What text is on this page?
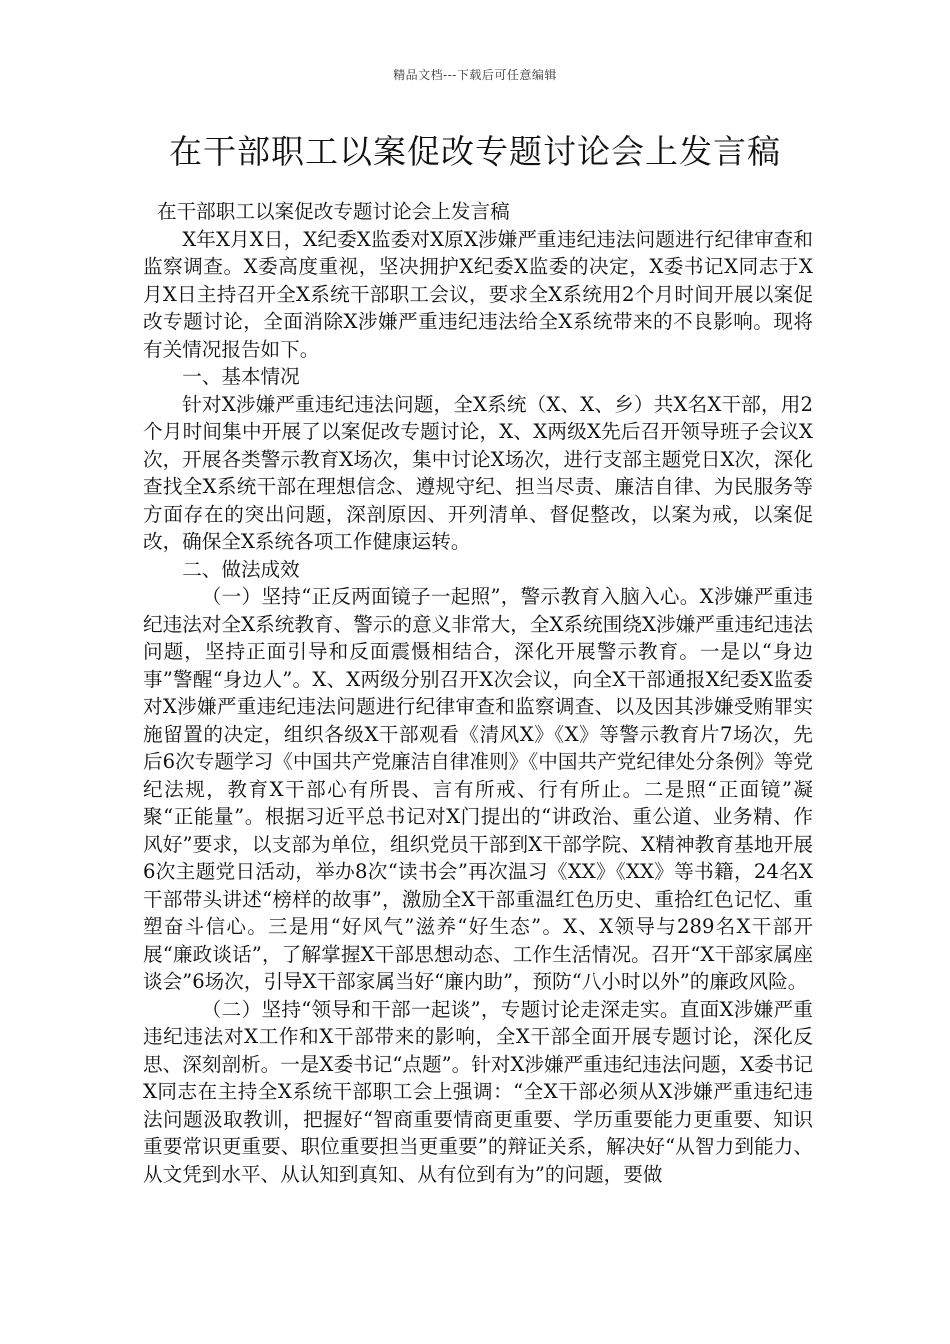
精品文档---下载后可任意编辑
在干部职工以案促改专题讨论会上发言稿

在干部职工以案促改专题讨论会上发言稿

X年X月X日，X纪委X监委对X原X涉嫌严重违纪违法问题进行纪律审查和监察调查。X委高度重视，坚决拥护X纪委X监委的决定，X委书记X同志于X月X日主持召开全X系统干部职工会议，要求全X系统用2个月时间开展以案促改专题讨论，全面消除X涉嫌严重违纪违法给全X系统带来的不良影响。现将有关情况报告如下。

一、基本情况

针对X涉嫌严重违纪违法问题，全X系统（X、X、乡）共X名X干部，用2个月时间集中开展了以案促改专题讨论，X、X两级X先后召开领导班子会议X次，开展各类警示教育X场次，集中讨论X场次，进行支部主题党日X次，深化查找全X系统干部在理想信念、遵规守纪、担当尽责、廉洁自律、为民服务等方面存在的突出问题，深剖原因、开列清单、督促整改，以案为戒，以案促改，确保全X系统各项工作健康运转。

二、做法成效

（一）坚持“正反两面镜子一起照”，警示教育入脑入心。X涉嫌严重违纪违法对全X系统教育、警示的意义非常大，全X系统围绕X涉嫌严重违纪违法问题，坚持正面引导和反面震慑相结合，深化开展警示教育。一是以“身边事”警醒“身边人”。X、X两级分别召开X次会议，向全X干部通报X纪委X监委对X涉嫌严重违纪违法问题进行纪律审查和监察调查、以及因其涉嫌受贿罪实施留置的决定，组织各级X干部观看《清风X》《X》等警示教育片7场次，先后6次专题学习《中国共产党廉洁自律准则》《中国共产党纪律处分条例》等党纪法规，教育X干部心有所畏、言有所戒、行有所止。二是照“正面镜”凝聚“正能量”。根据习近平总书记对X门提出的“讲政治、重公道、业务精、作风好”要求，以支部为单位，组织党员干部到X干部学院、X精神教育基地开展6次主题党日活动，举办8次“读书会”再次温习《XX》《XX》等书籍，24名X干部带头讲述“榜样的故事”，激励全X干部重温红色历史、重拾红色记忆、重塑奋斗信心。三是用“好风气”滋养“好生态”。X、X领导与289名X干部开展“廉政谈话”，了解掌握X干部思想动态、工作生活情况。召开“X干部家属座谈会”6场次，引导X干部家属当好“廉内助”，预防“八小时以外”的廉政风险。

（二）坚持“领导和干部一起谈”，专题讨论走深走实。直面X涉嫌严重违纪违法对X工作和X干部带来的影响，全X干部全面开展专题讨论，深化反思、深刻剖析。一是X委书记“点题”。针对X涉嫌严重违纪违法问题，X委书记X同志在主持全X系统干部职工会上强调：“全X干部必须从X涉嫌严重违纪违法问题汲取教训，把握好“智商重要情商更重要、学历重要能力更重要、知识重要常识更重要、职位重要担当更重要”的辩证关系，解决好“从智力到能力、从文凭到水平、从认知到真知、从有位到有为”的问题，要做
